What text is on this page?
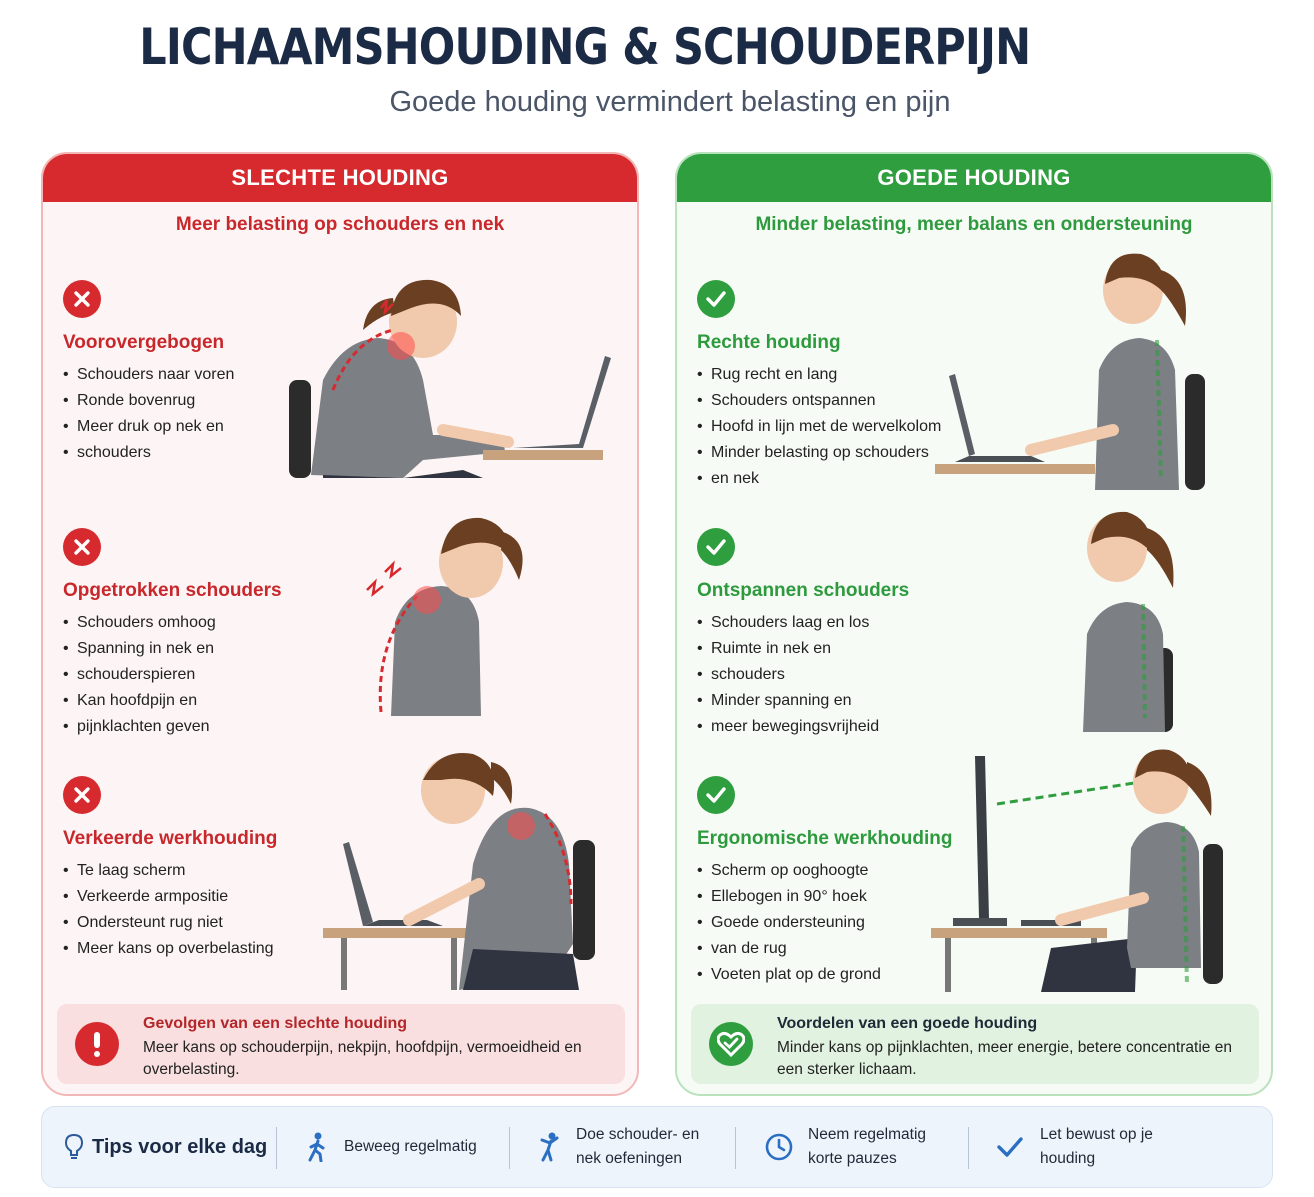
LICHAAMSHOUDING & SCHOUDERPIJN
Goede houding vermindert belasting en pijn
SLECHTE HOUDING
Meer belasting op schouders en nek
Voorovergebogen
• Schouders naar voren
• Ronde bovenrug
• Meer druk op nek en
• schouders
Opgetrokken schouders
• Schouders omhoog
• Spanning in nek en
• schouderspieren
• Kan hoofdpijn en
• pijnklachten geven
Verkeerde werkhouding
• Te laag scherm
• Verkeerde armpositie
• Ondersteunt rug niet
• Meer kans op overbelasting
Gevolgen van een slechte houding
Meer kans op schouderpijn, nekpijn, hoofdpijn, vermoeidheid en overbelasting.
GOEDE HOUDING
Minder belasting, meer balans en ondersteuning
Rechte houding
• Rug recht en lang
• Schouders ontspannen
• Hoofd in lijn met de wervelkolom
• Minder belasting op schouders
• en nek
Ontspannen schouders
• Schouders laag en los
• Ruimte in nek en
• schouders
• Minder spanning en
• meer bewegingsvrijheid
Ergonomische werkhouding
• Scherm op ooghoogte
• Ellebogen in 90° hoek
• Goede ondersteuning
• van de rug
• Voeten plat op de grond
Voordelen van een goede houding
Minder kans op pijnklachten, meer energie, betere concentratie en een sterker lichaam.
Tips voor elke dag	Beweeg regelmatig
Doe schouder- en nek oefeningen
Neem regelmatig korte pauzes
Let bewust op je houding
